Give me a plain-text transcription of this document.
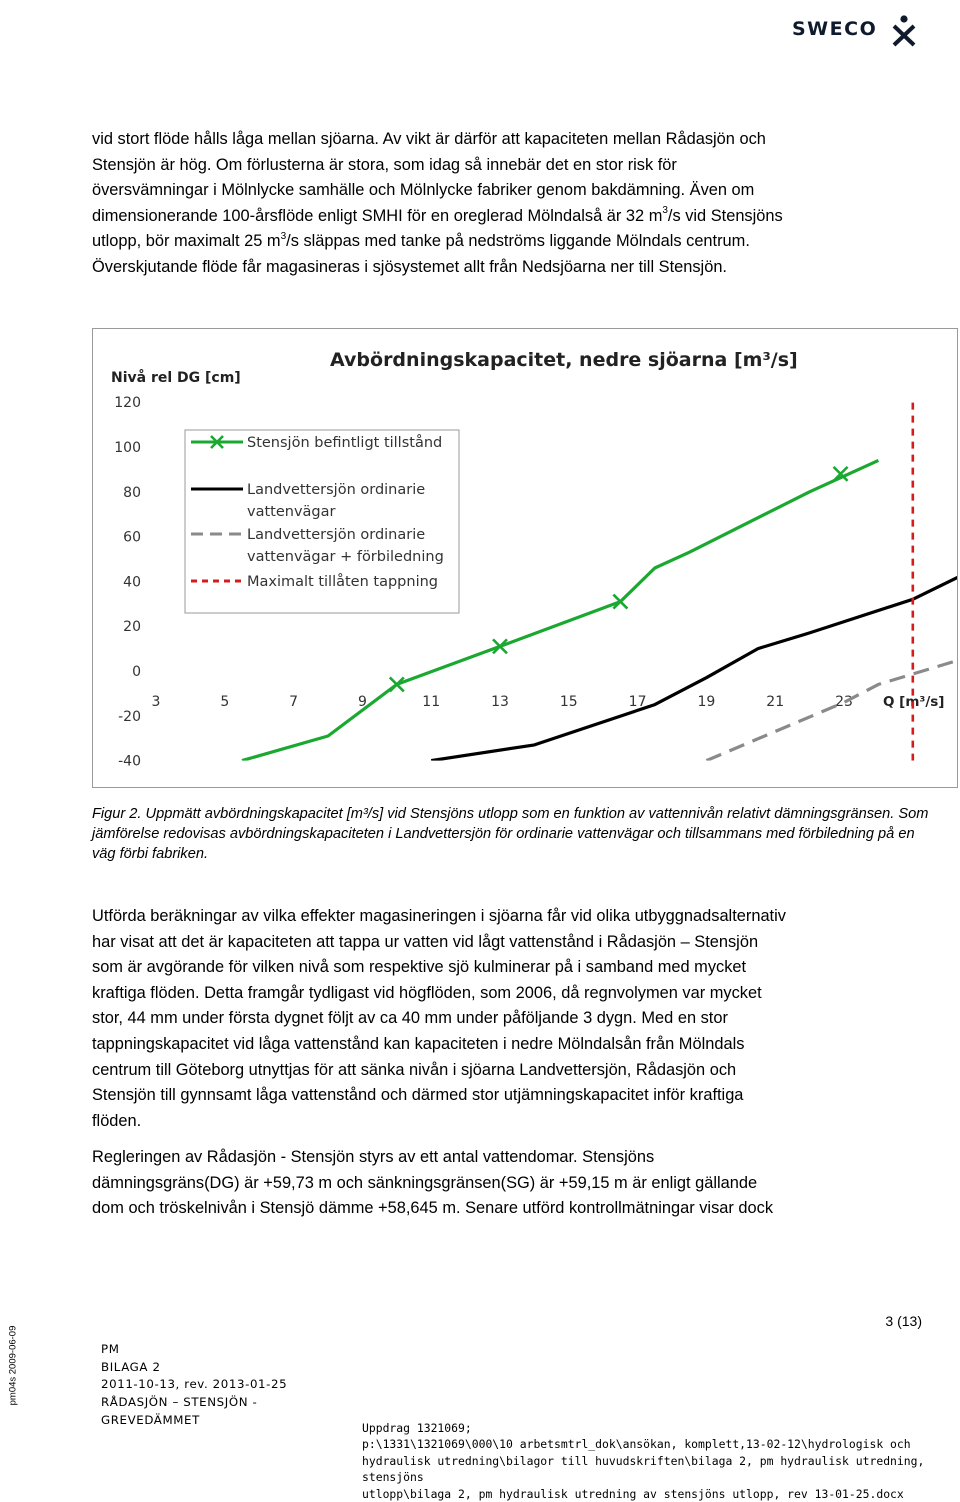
SWECO
vid stort flöde hålls låga mellan sjöarna. Av vikt är därför att kapaciteten mellan Rådasjön och
Stensjön är hög. Om förlusterna är stora, som idag så innebär det en stor risk för
översvämningar i Mölnlycke samhälle och Mölnlycke fabriker genom bakdämning. Även om
dimensionerande 100-årsflöde enligt SMHI för en oreglerad Mölndalså är 32 $m^3/s$ vid Stensjöns
utlopp, bör maximalt 25 $m^3/s$ släppas med tanke på nedströms liggande Mölndals centrum.
Överskjutande flöde får magasineras i sjösystemet allt från Nedsjöarna ner till Stensjön.
Avbördningskapacitet, nedre sjöarna [m³/s]
Nivå rel DG [cm]
120
100
80
60
40
20
0
-20
-40
3	5	7	9	11	13	15	17	19	21	23 Q [m³/s]
Stensjön befintligt tillstånd
Landvettersjön ordinarie
vattenvägar
Landvettersjön ordinarie
vattenvägar + förbiledning
Maximalt tillåten tappning
Figur 2. Uppmätt avbördningskapacitet [m³/s] vid Stensjöns utlopp som en funktion av vattennivån relativt dämningsgränsen. Som jämförelse redovisas avbördningskapaciteten i Landvettersjön för ordinarie vattenvägar och tillsammans med förbiledning på en väg förbi fabriken.
Utförda beräkningar av vilka effekter magasineringen i sjöarna får vid olika utbyggnadsalternativ
har visat att det är kapaciteten att tappa ur vatten vid lågt vattenstånd i Rådasjön – Stensjön
som är avgörande för vilken nivå som respektive sjö kulminerar på i samband med mycket
kraftiga flöden. Detta framgår tydligast vid högflöden, som 2006, då regnvolymen var mycket
stor, 44 mm under första dygnet följt av ca 40 mm under påföljande 3 dygn. Med en stor
tappningskapacitet vid låga vattenstånd kan kapaciteten i nedre Mölndalsån från Mölndals
centrum till Göteborg utnyttjas för att sänka nivån i sjöarna Landvettersjön, Rådasjön och
Stensjön till gynnsamt låga vattenstånd och därmed stor utjämningskapacitet inför kraftiga
flöden.
Regleringen av Rådasjön - Stensjön styrs av ett antal vattendomar. Stensjöns
dämningsgräns(DG) är +59,73 m och sänkningsgränsen(SG) är +59,15 m är enligt gällande
dom och tröskelnivån i Stensjö dämme +58,645 m. Senare utförd kontrollmätningar visar dock
3 (13)
pm04s 2009-06-09	PM
BILAGA 2
2011-10-13, rev. 2013-01-25
RÅDASJÖN – STENSJÖN -
GREVEDÄMMET
Uppdrag 1321069;
p:\1331\1321069\000\10 arbetsmtrl_dok\ansökan, komplett,13-02-12\hydrologisk och
hydraulisk utredning\bilagor till huvudskriften\bilaga 2, pm hydraulisk utredning, stensjöns
utlopp\bilaga 2, pm hydraulisk utredning av stensjöns utlopp, rev 13-01-25.docx
